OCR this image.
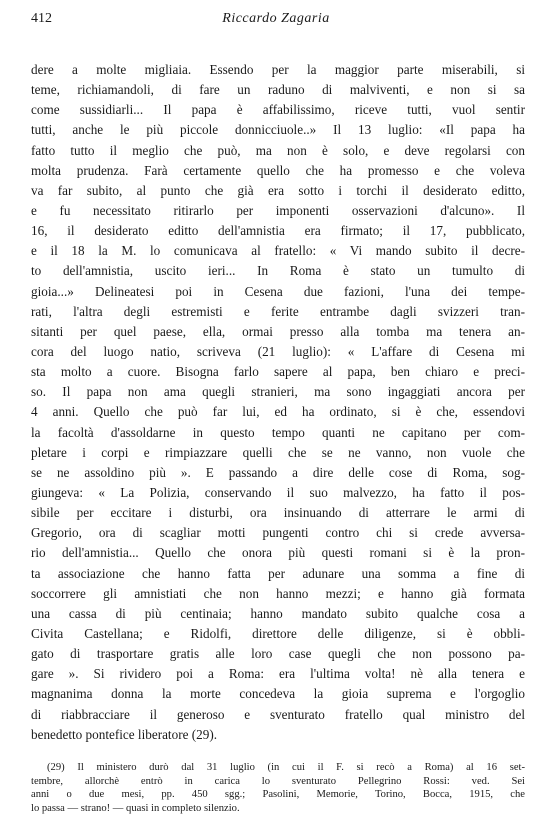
412	Riccardo Zagaria
dere a molte migliaia. Essendo per la maggior parte miserabili, si
teme, richiamandoli, di fare un raduno di malviventi, e non si sa
come sussidiarli... Il papa è affabilissimo, riceve tutti, vuol sentir
tutti, anche le più piccole donnicciuole..» Il 13 luglio: «Il papa ha
fatto tutto il meglio che può, ma non è solo, e deve regolarsi con
molta prudenza. Farà certamente quello che ha promesso e che voleva
va far subito, al punto che già era sotto i torchi il desiderato editto,
e fu necessitato ritirarlo per imponenti osservazioni d'alcuno». Il
16, il desiderato editto dell'amnistia era firmato; il 17, pubblicato,
e il 18 la M. lo comunicava al fratello: « Vi mando subito il decre-
to dell'amnistia, uscito ieri... In Roma è stato un tumulto di
gioia...» Delineatesi poi in Cesena due fazioni, l'una dei tempe-
rati, l'altra degli estremisti e ferite entrambe dagli svizzeri tran-
sitanti per quel paese, ella, ormai presso alla tomba ma tenera an-
cora del luogo natio, scriveva (21 luglio): « L'affare di Cesena mi
sta molto a cuore. Bisogna farlo sapere al papa, ben chiaro e preci-
so. Il papa non ama quegli stranieri, ma sono ingaggiati ancora per
4 anni. Quello che può far lui, ed ha ordinato, si è che, essendovi
la facoltà d'assoldarne in questo tempo quanti ne capitano per com-
pletare i corpi e rimpiazzare quelli che se ne vanno, non vuole che
se ne assoldino più ». E passando a dire delle cose di Roma, sog-
giungeva: « La Polizia, conservando il suo malvezzo, ha fatto il pos-
sibile per eccitare i disturbi, ora insinuando di atterrare le armi di
Gregorio, ora di scagliar motti pungenti contro chi si crede avversa-
rio dell'amnistia... Quello che onora più questi romani si è la pron-
ta associazione che hanno fatta per adunare una somma a fine di
soccorrere gli amnistiati che non hanno mezzi; e hanno già formata
una cassa di più centinaia; hanno mandato subito qualche cosa a
Civita Castellana; e Ridolfi, direttore delle diligenze, si è obbli-
gato di trasportare gratis alle loro case quegli che non possono pa-
gare ». Si rividero poi a Roma: era l'ultima volta! nè alla tenera e
magnanima donna la morte concedeva la gioia suprema e l'orgoglio
di riabbracciare il generoso e sventurato fratello qual ministro del
benedetto pontefice liberatore (29).
(29) Il ministero durò dal 31 luglio (in cui il F. si recò a Roma) al 16 set-
tembre, allorchè entrò in carica lo sventurato Pellegrino Rossi: ved. Sei
anni o due mesi, pp. 450 sgg.; Pasolini, Memorie, Torino, Bocca, 1915, che
lo passa — strano! — quasi in completo silenzio.
